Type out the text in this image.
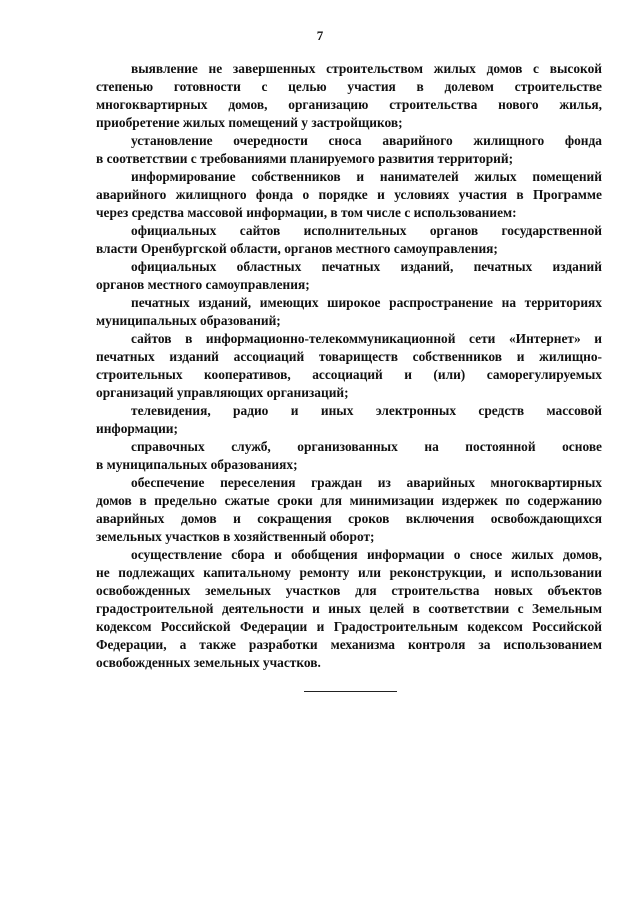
7
выявление не завершенных строительством жилых домов с высокой
степенью готовности с целью участия в долевом строительстве
многоквартирных домов, организацию строительства нового жилья,
приобретение жилых помещений у застройщиков;
установление очередности сноса аварийного жилищного фонда
в соответствии с требованиями планируемого развития территорий;
информирование собственников и нанимателей жилых помещений
аварийного жилищного фонда о порядке и условиях участия в Программе
через средства массовой информации, в том числе с использованием:
официальных сайтов исполнительных органов государственной
власти Оренбургской области, органов местного самоуправления;
официальных областных печатных изданий, печатных изданий
органов местного самоуправления;
печатных изданий, имеющих широкое распространение на территориях
муниципальных образований;
сайтов в информационно-телекоммуникационной сети «Интернет» и
печатных изданий ассоциаций товариществ собственников и жилищно-
строительных кооперативов, ассоциаций и (или) саморегулируемых
организаций управляющих организаций;
телевидения, радио и иных электронных средств массовой
информации;
справочных служб, организованных на постоянной основе
в муниципальных образованиях;
обеспечение переселения граждан из аварийных многоквартирных
домов в предельно сжатые сроки для минимизации издержек по содержанию
аварийных домов и сокращения сроков включения освобождающихся
земельных участков в хозяйственный оборот;
осуществление сбора и обобщения информации о сносе жилых домов,
не подлежащих капитальному ремонту или реконструкции, и использовании
освобожденных земельных участков для строительства новых объектов
градостроительной деятельности и иных целей в соответствии с Земельным
кодексом Российской Федерации и Градостроительным кодексом Российской
Федерации, а также разработки механизма контроля за использованием
освобожденных земельных участков.
